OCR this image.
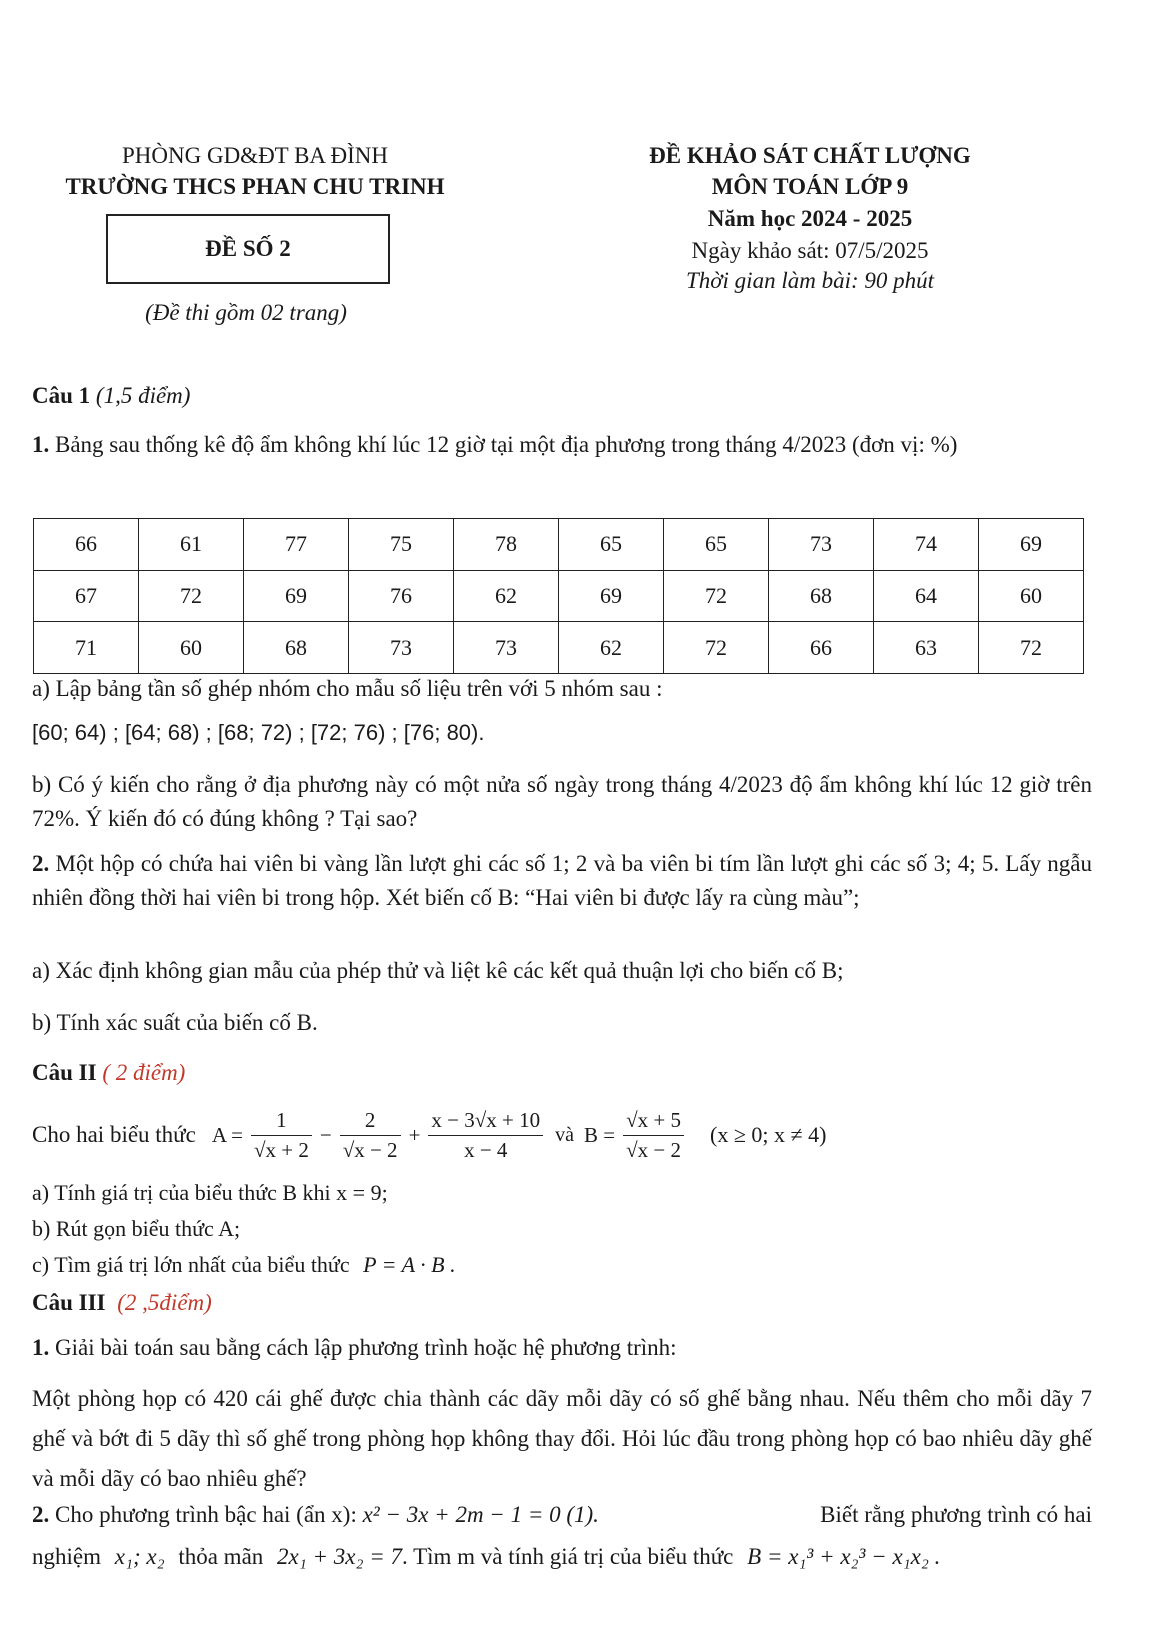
PHÒNG GD&ĐT BA ĐÌNH
TRƯỜNG THCS PHAN CHU TRINH
ĐỀ SỐ 2
(Đề thi gồm 02 trang)
ĐỀ KHẢO SÁT CHẤT LƯỢNG
MÔN TOÁN LỚP 9
Năm học 2024 - 2025
Ngày khảo sát: 07/5/2025
Thời gian làm bài: 90 phút
Câu 1 (1,5 điểm)
1. Bảng sau thống kê độ ẩm không khí lúc 12 giờ tại một địa phương trong tháng 4/2023 (đơn vị: %)
66	61	77	75	78	65	65	73	74	69
67	72	69	76	62	69	72	68	64	60
71	60	68	73	73	62	72	66	63	72
a) Lập bảng tần số ghép nhóm cho mẫu số liệu trên với 5 nhóm sau :
[60; 64) ; [64; 68) ; [68; 72) ; [72; 76) ; [76; 80).
b) Có ý kiến cho rằng ở địa phương này có một nửa số ngày trong tháng 4/2023 độ ẩm không khí lúc 12 giờ trên 72%. Ý kiến đó có đúng không ? Tại sao?
2. Một hộp có chứa hai viên bi vàng lần lượt ghi các số 1; 2 và ba viên bi tím lần lượt ghi các số 3; 4; 5. Lấy ngẫu nhiên đồng thời hai viên bi trong hộp. Xét biến cố B: “Hai viên bi được lấy ra cùng màu”;
a) Xác định không gian mẫu của phép thử và liệt kê các kết quả thuận lợi cho biến cố B;
b) Tính xác suất của biến cố B.
Câu II ( 2 điểm)
Cho hai biểu thức $A = \frac{1}{√x + 2} - \frac{2}{√x - 2} + \frac{x - 3√x + 10}{x - 4}$ và $B = \frac{√x + 5}{√x - 2} (x \ge 0$; x ≠ 4)
a) Tính giá trị của biểu thức B khi x = 9;
b) Rút gọn biểu thức A;
c) Tìm giá trị lớn nhất của biểu thức P = A · B .
Câu III (2 ,5điểm)
1. Giải bài toán sau bằng cách lập phương trình hoặc hệ phương trình:
Một phòng họp có 420 cái ghế được chia thành các dãy mỗi dãy có số ghế bằng nhau. Nếu thêm cho mỗi dãy 7 ghế và bớt đi 5 dãy thì số ghế trong phòng họp không thay đổi. Hỏi lúc đầu trong phòng họp có bao nhiêu dãy ghế và mỗi dãy có bao nhiêu ghế?
2. Cho phương trình bậc hai (ẩn x): x² − 3x + 2m − 1 = 0 (1).	Biết rằng phương trình có hai
nghiệm x₁; x₂ thỏa mãn 2x₁ + 3x₂ = 7. Tìm m và tính giá trị của biểu thức B = x₁³ + x₂³ − x₁x₂ .
